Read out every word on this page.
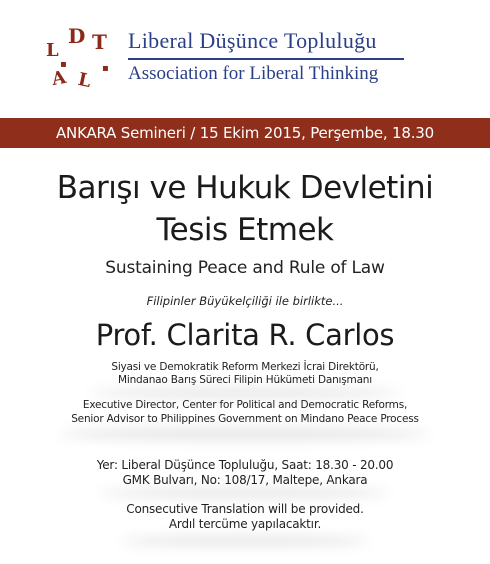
L
D T
A L
▪	▪
Liberal Düşünce Topluluğu
Association for Liberal Thinking
ANKARA Semineri / 15 Ekim 2015, Perşembe, 18.30
Barışı ve Hukuk Devletini
Tesis Etmek
Sustaining Peace and Rule of Law
Filipinler Büyükelçiliği ile birlikte...
Prof. Clarita R. Carlos
Siyasi ve Demokratik Reform Merkezi İcrai Direktörü,
Mindanao Barış Süreci Filipin Hükümeti Danışmanı
Executive Director, Center for Political and Democratic Reforms,
Senior Advisor to Philippines Government on Mindano Peace Process
Yer: Liberal Düşünce Topluluğu, Saat: 18.30 - 20.00
GMK Bulvarı, No: 108/17, Maltepe, Ankara
Consecutive Translation will be provided.
Ardıl tercüme yapılacaktır.
